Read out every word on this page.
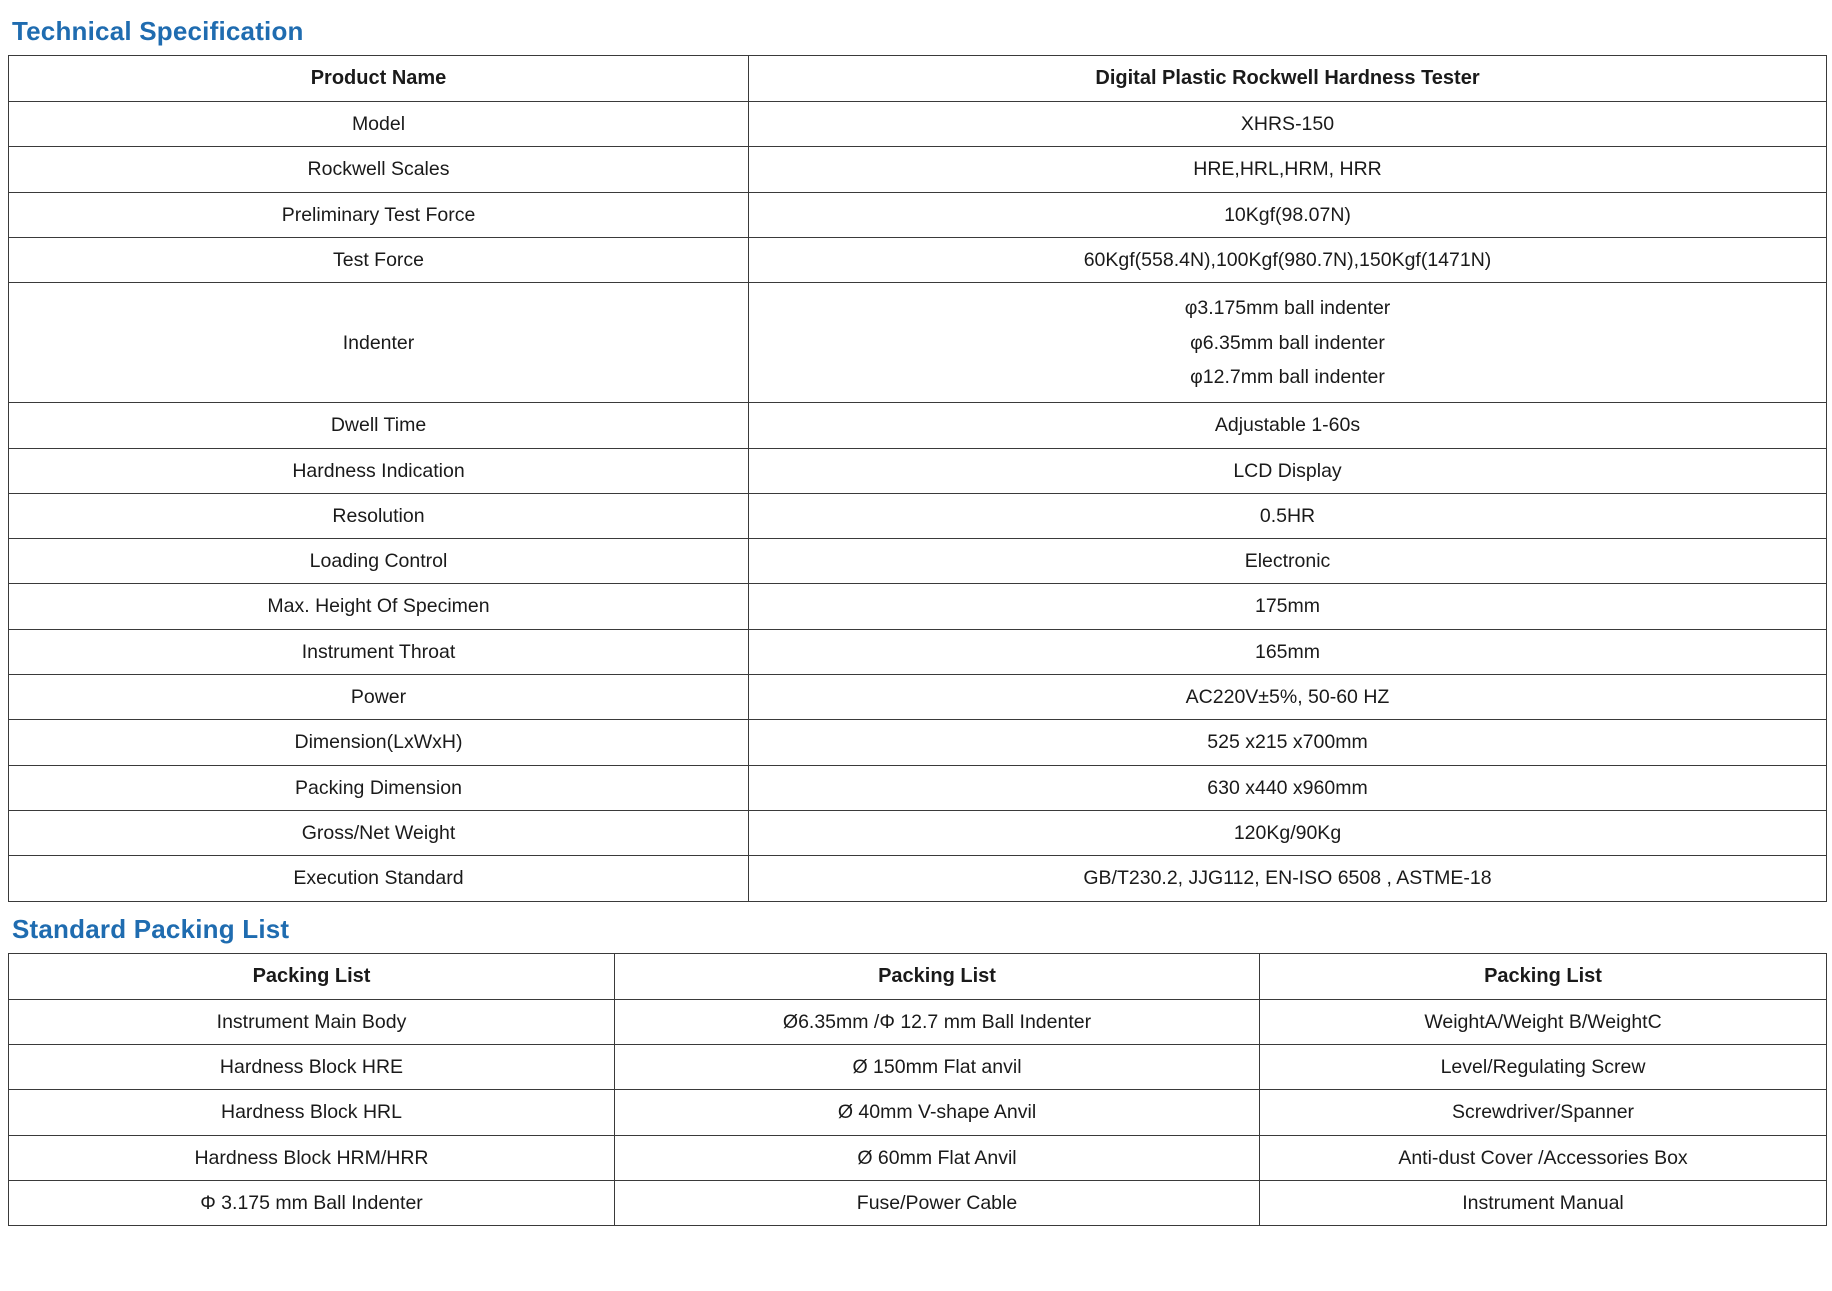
Technical Specification
Product Name	Digital Plastic Rockwell Hardness Tester
Model	XHRS-150
Rockwell Scales	HRE,HRL,HRM, HRR
Preliminary Test Force	10Kgf(98.07N)
Test Force	60Kgf(558.4N),100Kgf(980.7N),150Kgf(1471N)
Indenter	φ3.175mm ball indenter
φ6.35mm ball indenter
φ12.7mm ball indenter

Dwell Time	Adjustable 1-60s
Hardness Indication	LCD Display
Resolution	0.5HR
Loading Control	Electronic
Max. Height Of Specimen	175mm
Instrument Throat	165mm
Power	AC220V±5%, 50-60 HZ
Dimension(LxWxH)	525 x215 x700mm
Packing Dimension	630 x440 x960mm
Gross/Net Weight	120Kg/90Kg
Execution Standard	GB/T230.2, JJG112, EN-ISO 6508 , ASTME-18
Standard Packing List
Packing List	Packing List	Packing List
Instrument Main Body	Ø6.35mm /Φ 12.7 mm Ball Indenter	WeightA/Weight B/WeightC
Hardness Block HRE	Ø 150mm Flat anvil	Level/Regulating Screw
Hardness Block HRL	Ø 40mm V-shape Anvil	Screwdriver/Spanner
Hardness Block HRM/HRR	Ø 60mm Flat Anvil	Anti-dust Cover /Accessories Box
Φ 3.175 mm Ball Indenter	Fuse/Power Cable	Instrument Manual
